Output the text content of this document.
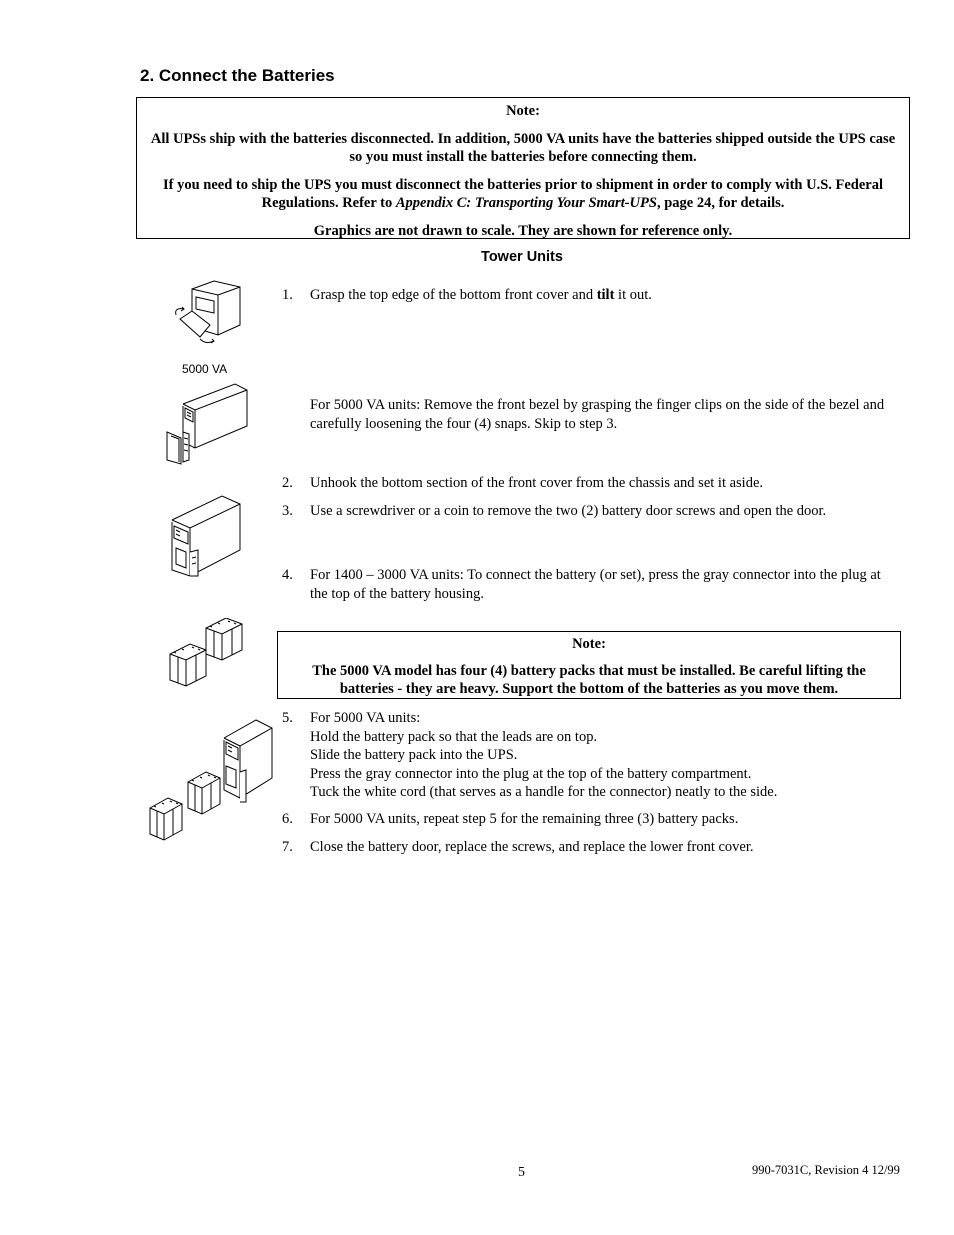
2. Connect the Batteries

Note:

All UPSs ship with the batteries disconnected. In addition, 5000 VA units have the batteries shipped outside the UPS case so you must install the batteries before connecting them.

If you need to ship the UPS you must disconnect the batteries prior to shipment in order to comply with U.S. Federal Regulations. Refer to Appendix C: Transporting Your Smart-UPS, page 24, for details.

Graphics are not drawn to scale. They are shown for reference only.

Tower Units
5000 VA

Note:

The 5000 VA model has four (4) battery packs that must be installed. Be careful lifting the batteries - they are heavy. Support the bottom of the batteries as you move them.

1. Grasp the top edge of the bottom front cover and tilt it out.
For 5000 VA units: Remove the front bezel by grasping the finger clips on the side of the bezel and carefully loosening the four (4) snaps. Skip to step 3.
2. Unhook the bottom section of the front cover from the chassis and set it aside.
3. Use a screwdriver or a coin to remove the two (2) battery door screws and open the door.
4. For 1400 – 3000 VA units: To connect the battery (or set), press the gray connector into the plug at the top of the battery housing.
5. For 5000 VA units:
Hold the battery pack so that the leads are on top.
Slide the battery pack into the UPS.
Press the gray connector into the plug at the top of the battery compartment.
Tuck the white cord (that serves as a handle for the connector) neatly to the side.
6. For 5000 VA units, repeat step 5 for the remaining three (3) battery packs.
7. Close the battery door, replace the screws, and replace the lower front cover.
5	990-7031C, Revision 4 12/99
